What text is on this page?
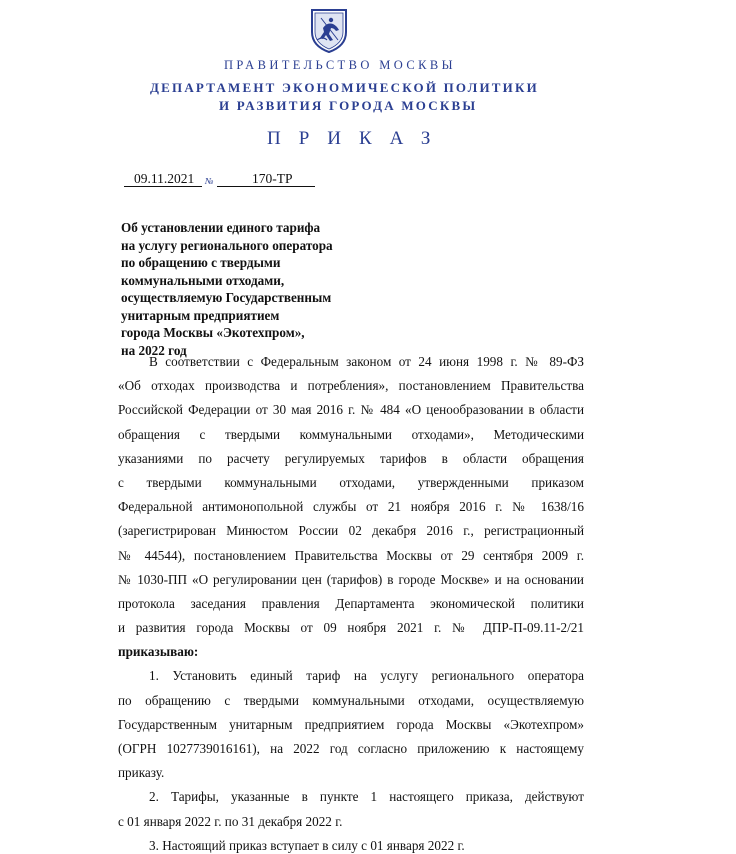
ПРАВИТЕЛЬСТВО МОСКВЫ
ДЕПАРТАМЕНТ ЭКОНОМИЧЕСКОЙ ПОЛИТИКИ
И РАЗВИТИЯ ГОРОДА МОСКВЫ
ПРИКАЗ
09.11.2021	№	170-ТР
Об установлении единого тарифа
на услугу регионального оператора
по обращению с твердыми
коммунальными отходами,
осуществляемую Государственным
унитарным предприятием
города Москвы «Экотехпром»,
на 2022 год
В соответствии с Федеральным законом от 24 июня 1998 г. № 89-ФЗ
«Об отходах производства и потребления», постановлением Правительства
Российской Федерации от 30 мая 2016 г. № 484 «О ценообразовании в области
обращения с твердыми коммунальными отходами», Методическими
указаниями по расчету регулируемых тарифов в области обращения
с твердыми коммунальными отходами, утвержденными приказом
Федеральной антимонопольной службы от 21 ноября 2016 г. № 1638/16
(зарегистрирован Минюстом России 02 декабря 2016 г., регистрационный
№ 44544), постановлением Правительства Москвы от 29 сентября 2009 г.
№ 1030-ПП «О регулировании цен (тарифов) в городе Москве» и на основании
протокола заседания правления Департамента экономической политики
и развития города Москвы от 09 ноября 2021 г. № ДПР-П-09.11-2/21
приказываю:
1. Установить единый тариф на услугу регионального оператора
по обращению с твердыми коммунальными отходами, осуществляемую
Государственным унитарным предприятием города Москвы «Экотехпром»
(ОГРН 1027739016161), на 2022 год согласно приложению к настоящему
приказу.
2. Тарифы, указанные в пункте 1 настоящего приказа, действуют
с 01 января 2022 г. по 31 декабря 2022 г.
3. Настоящий приказ вступает в силу с 01 января 2022 г.
